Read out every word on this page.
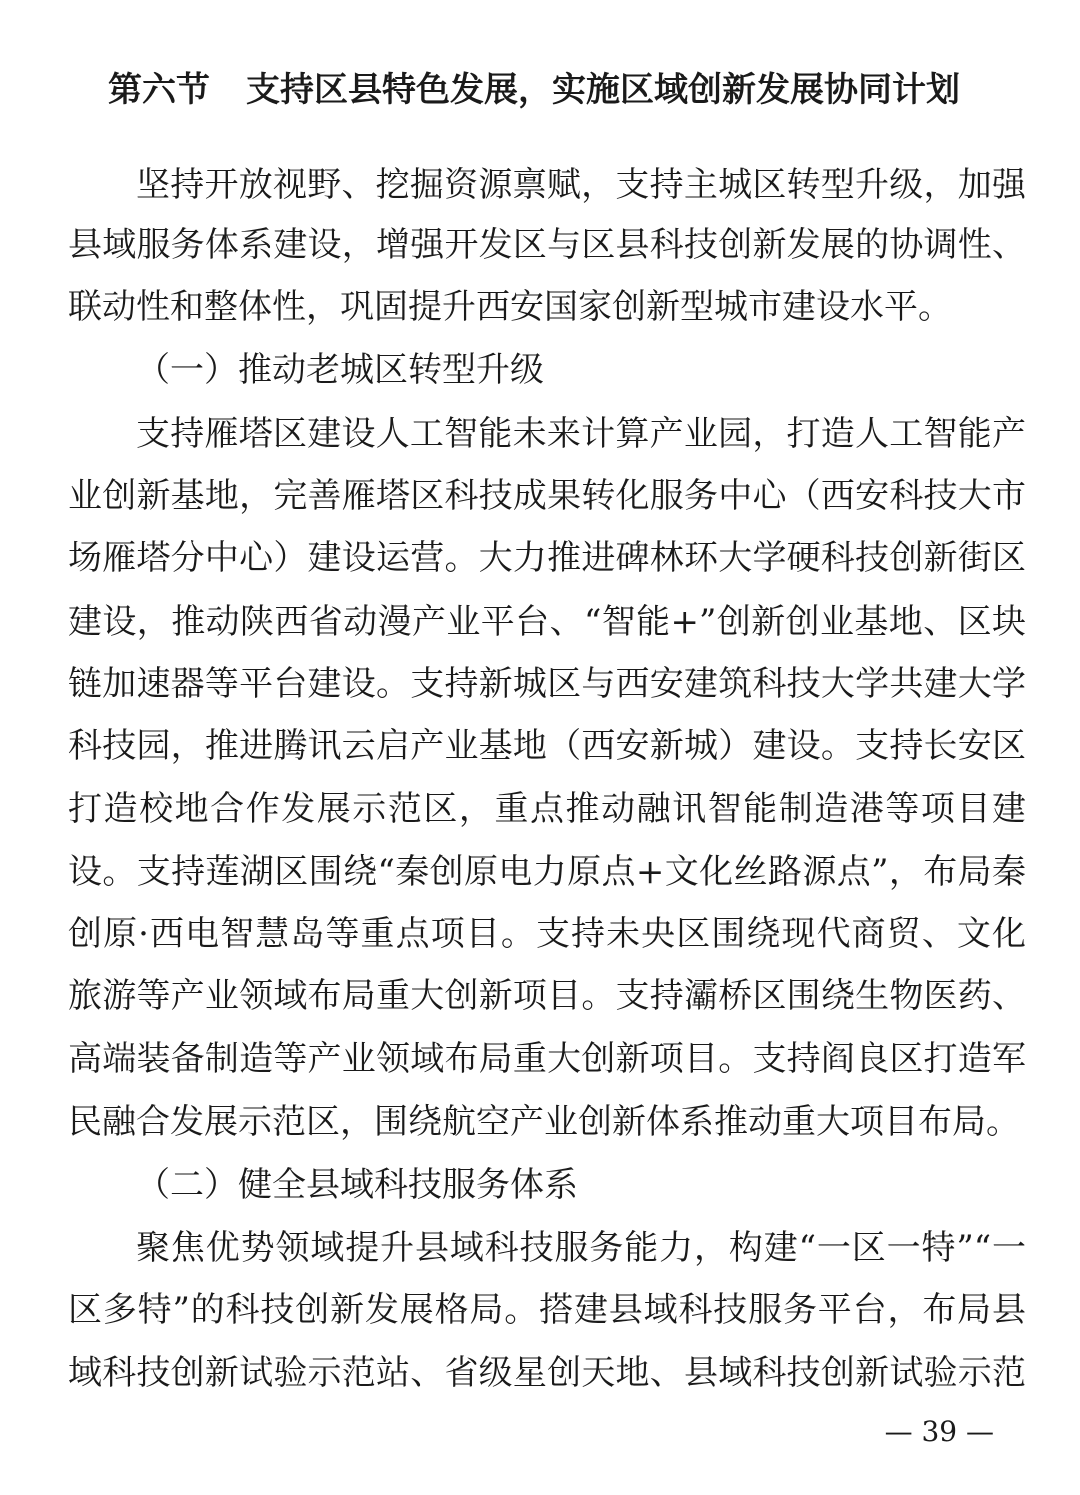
第六节 支持区县特色发展，实施区域创新发展协同计划
坚持开放视野、挖掘资源禀赋，支持主城区转型升级，加强
县域服务体系建设，增强开发区与区县科技创新发展的协调性、
联动性和整体性，巩固提升西安国家创新型城市建设水平。
（一）推动老城区转型升级
支持雁塔区建设人工智能未来计算产业园，打造人工智能产
业创新基地，完善雁塔区科技成果转化服务中心（西安科技大市
场雁塔分中心）建设运营。大力推进碑林环大学硬科技创新街区
建设，推动陕西省动漫产业平台、“智能+”创新创业基地、区块
链加速器等平台建设。支持新城区与西安建筑科技大学共建大学
科技园，推进腾讯云启产业基地（西安新城）建设。支持长安区
打造校地合作发展示范区，重点推动融讯智能制造港等项目建
设。支持莲湖区围绕“秦创原电力原点+文化丝路源点”，布局秦
创原·西电智慧岛等重点项目。支持未央区围绕现代商贸、文化
旅游等产业领域布局重大创新项目。支持灞桥区围绕生物医药、
高端装备制造等产业领域布局重大创新项目。支持阎良区打造军
民融合发展示范区，围绕航空产业创新体系推动重大项目布局。
（二）健全县域科技服务体系
聚焦优势领域提升县域科技服务能力，构建“一区一特”“一
区多特”的科技创新发展格局。搭建县域科技服务平台，布局县
域科技创新试验示范站、省级星创天地、县域科技创新试验示范
— 39 —
